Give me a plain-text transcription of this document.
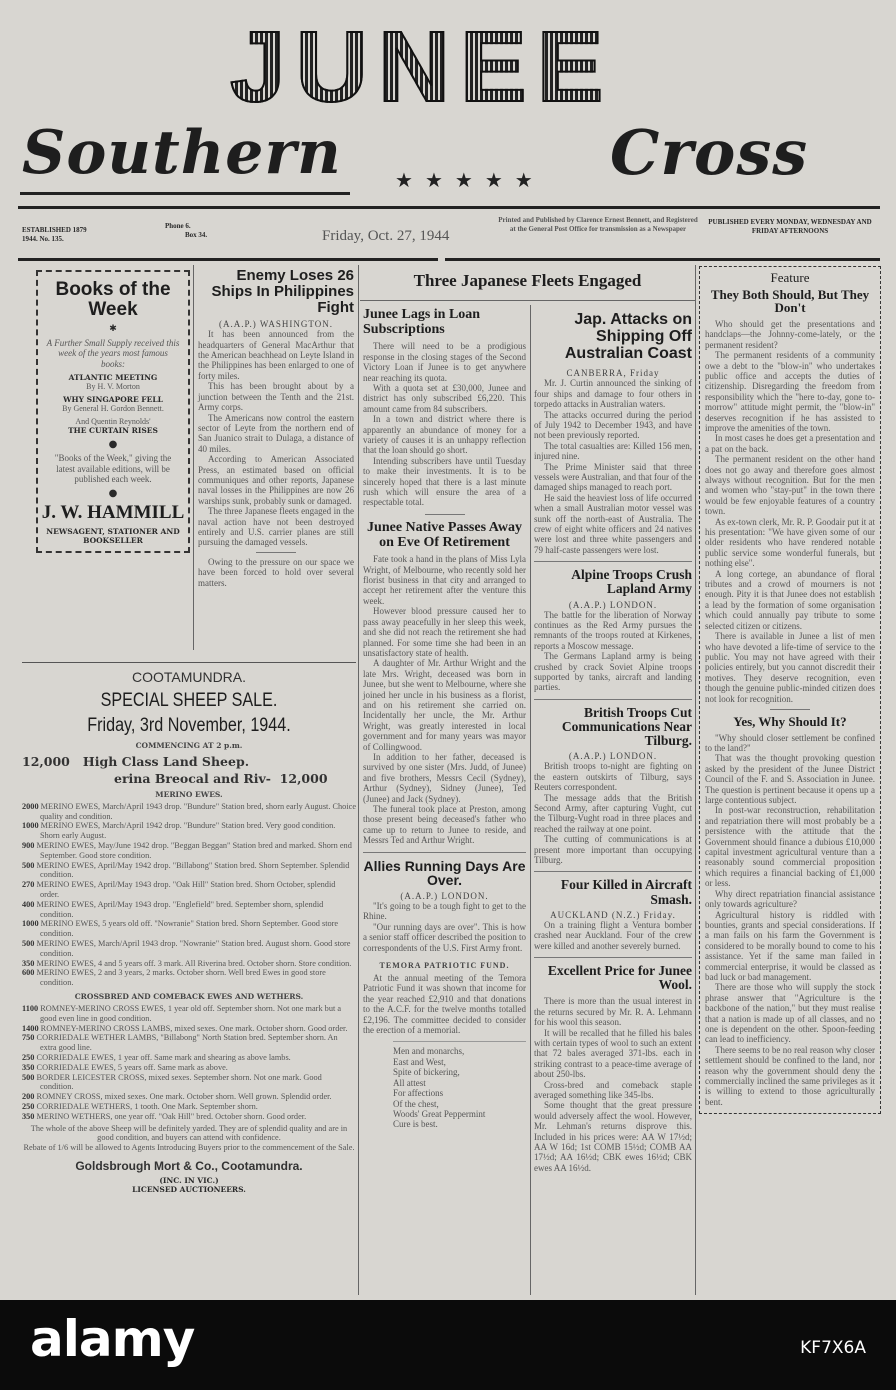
JUNEE
Southern	Cross
★★★★★
ESTABLISHED 1879
1944. No. 135.
Phone 6.
Box 34.	Friday, Oct. 27, 1944
Printed and Published by Clarence Ernest Bennett, and Registered at the General Post Office for transmission as a Newspaper
PUBLISHED EVERY MONDAY, WEDNESDAY AND FRIDAY AFTERNOONS
Books of the Week
✱
A Further Small Supply received this week of the years most famous books:
ATLANTIC MEETING
By H. V. Morton
WHY SINGAPORE FELL
By General H. Gordon Bennett.
And Quentin Reynolds'
THE CURTAIN RISES
●
"Books of the Week," giving the latest available editions, will be published each week.
●
J. W. HAMMILL
NEWSAGENT, STATIONER AND BOOKSELLER
Enemy Loses 26 Ships In Philippines Fight
(A.A.P.) WASHINGTON.

It has been announced from the headquarters of General MacArthur that the American beachhead on Leyte Island in the Philippines has been enlarged to one of forty miles.

This has been brought about by a junction between the Tenth and the 21st. Army corps.

The Americans now control the eastern sector of Leyte from the northern end of San Juanico strait to Dulaga, a distance of 40 miles.

According to American Associated Press, an estimated based on official communiques and other reports, Japanese naval losses in the Philippines are now 26 warships sunk, probably sunk or damaged.

The three Japanese fleets engaged in the naval action have not been destroyed entirely and U.S. carrier planes are still pursuing the damaged vessels.

Owing to the pressure on our space we have been forced to hold over several matters.

Three Japanese Fleets Engaged
Junee Lags in Loan Subscriptions

There will need to be a prodigious response in the closing stages of the Second Victory Loan if Junee is to get anywhere near reaching its quota.

With a quota set at £30,000, Junee and district has only subscribed £6,220. This amount came from 84 subscribers.

In a town and district where there is apparently an abundance of money for a variety of causes it is an unhappy reflection that the loan should go short.

Intending subscribers have until Tuesday to make their investments. It is to be sincerely hoped that there is a last minute rush which will ensure the area of a respectable total.

Junee Native Passes Away on Eve Of Retirement

Fate took a hand in the plans of Miss Lyla Wright, of Melbourne, who recently sold her florist business in that city and arranged to accept her retirement after the venture this week.

However blood pressure caused her to pass away peacefully in her sleep this week, and she did not reach the retirement she had planned. For some time she had been in an unsatisfactory state of health.

A daughter of Mr. Arthur Wright and the late Mrs. Wright, deceased was born in Junee, but she went to Melbourne, where she joined her uncle in his business as a florist, and on his retirement she carried on. Incidentally her uncle, the Mr. Arthur Wright, was greatly interested in local government and for many years was mayor of Collingwood.

In addition to her father, deceased is survived by one sister (Mrs. Judd, of Junee) and five brothers, Messrs Cecil (Sydney), Arthur (Sydney), Sidney (Junee), Ted (Junee) and Jack (Sydney).

The funeral took place at Preston, among those present being deceased's father who came up to return to Junee to reside, and Messrs Ted and Arthur Wright.

Allies Running Days Are Over.
(A.A.P.) LONDON.

"It's going to be a tough fight to get to the Rhine.

"Our running days are over". This is how a senior staff officer described the position to correspondents of the U.S. First Army front.

TEMORA PATRIOTIC FUND.

At the annual meeting of the Temora Patriotic Fund it was shown that income for the year reached £2,910 and that donations to the A.C.F. for the twelve months totalled £2,196. The committee decided to consider the erection of a memorial.

Men and monarchs,
East and West,
Spite of bickering,
All attest
For affections
Of the chest,
Woods' Great Peppermint
Cure is best.
Jap. Attacks on Shipping Off Australian Coast
CANBERRA, Friday

Mr. J. Curtin announced the sinking of four ships and damage to four others in torpedo attacks in Australian waters.

The attacks occurred during the period of July 1942 to December 1943, and have not been previously reported.

The total casualties are: Killed 156 men, injured nine.

The Prime Minister said that three vessels were Australian, and that four of the damaged ships managed to reach port.

He said the heaviest loss of life occurred when a small Australian motor vessel was sunk off the north-east of Australia. The crew of eight white officers and 24 natives were lost and three white passengers and 79 half-caste passengers were lost.

Alpine Troops Crush Lapland Army
(A.A.P.) LONDON.

The battle for the liberation of Norway continues as the Red Army pursues the remnants of the troops routed at Kirkenes, reports a Moscow message.

The Germans Lapland army is being crushed by crack Soviet Alpine troops supported by tanks, aircraft and landing parties.

British Troops Cut Communications Near Tilburg.
(A.A.P.) LONDON.

British troops to-night are fighting on the eastern outskirts of Tilburg, says Reuters correspondent.

The message adds that the British Second Army, after capturing Vught, cut the Tilburg-Vught road in three places and reached the railway at one point.

The cutting of communications is at present more important than occupying Tilburg.

Four Killed in Aircraft Smash.
AUCKLAND (N.Z.) Friday.

On a training flight a Ventura bomber crashed near Auckland. Four of the crew were killed and another severely burned.

Excellent Price for Junee Wool.

There is more than the usual interest in the returns secured by Mr. R. A. Lehmann for his wool this season.

It will be recalled that he filled his bales with certain types of wool to such an extent that 72 bales averaged 371-lbs. each in striking contrast to a peace-time average of about 250-lbs.

Cross-bred and comeback staple averaged something like 345-lbs.

Some thought that the great pressure would adversely affect the wool. However, Mr. Lehman's returns disprove this. Included in his prices were: AA W 17½d; AA W 16d; 1st COMB 15½d; COMB AA 17½d; AA 16½d; CBK ewes 16½d; CBK ewes AA 16½d.

Feature
They Both Should, But They Don't

Who should get the presentations and handclaps—the Johnny-come-lately, or the permanent resident?

The permanent residents of a community owe a debt to the "blow-in" who undertakes public office and accepts the duties of citizenship. Disregarding the freedom from responsibility which the "here to-day, gone to-morrow" attitude might permit, the "blow-in" deserves recognition if he has assisted to improve the amenities of the town.

In most cases he does get a presentation and a pat on the back.

The permanent resident on the other hand does not go away and therefore goes almost always without recognition. But for the men and women who "stay-put" in the town there would be few enjoyable features of a country town.

As ex-town clerk, Mr. R. P. Goodair put it at his presentation: "We have given some of our older residents who have rendered notable public service some wonderful funerals, but nothing else".

A long cortege, an abundance of floral tributes and a crowd of mourners is not enough. Pity it is that Junee does not establish a lead by the formation of some organisation which could annually pay tribute to some selected citizen or citizens.

There is available in Junee a list of men who have devoted a life-time of service to the public. You may not have agreed with their policies entirely, but you cannot discredit their motives. They deserve recognition, even though the genuine public-minded citizen does not look for recognition.

Yes, Why Should It?

"Why should closer settlement be confined to the land?"

That was the thought provoking question asked by the president of the Junee District Council of the F. and S. Association in Junee. The question is pertinent because it opens up a large contentious subject.

In post-war reconstruction, rehabilitation and repatriation there will most probably be a persistence with the attitude that the Government should finance a dubious £10,000 capital investment agricultural venture than a reasonably sound commercial proposition which requires a financial backing of £1,000 or less.

Why direct repatriation financial assistance only towards agriculture?

Agricultural history is riddled with bounties, grants and special considerations. If a man fails on his farm the Government is considered to be morally bound to come to his assistance. Yet if the same man failed in commercial enterprise, it would be classed as bad luck or bad management.

There are those who will supply the stock phrase answer that "Agriculture is the backbone of the nation," but they must realise that a nation is made up of all classes, and no one is dependent on the other. Spoon-feeding can lead to inefficiency.

There seems to be no real reason why closer settlement should be confined to the land, nor reason why the government should deny the commercially inclined the same privileges as it is willing to extend to those agriculturally bent.

COOTAMUNDRA.
SPECIAL SHEEP SALE.
Friday, 3rd November, 1944.
COMMENCING AT 2 p.m.
12,000 High Class Land Sheep.
erina Breocal and Riv- 12,000
MERINO EWES.

2000 MERINO EWES, March/April 1943 drop. "Bundure" Station bred, shorn early August. Choice quality and condition.

1000 MERINO EWES, March/April 1942 drop. "Bundure" Station bred. Very good condition. Shorn early August.

900 MERINO EWES, May/June 1942 drop. "Beggan Beggan" Station bred and marked. Shorn end September. Good store condition.

500 MERINO EWES, April/May 1942 drop. "Billabong" Station bred. Shorn September. Splendid condition.

270 MERINO EWES, April/May 1943 drop. "Oak Hill" Station bred. Shorn October, splendid order.

400 MERINO EWES, April/May 1943 drop. "Englefield" bred. September shorn, splendid condition.

1000 MERINO EWES, 5 years old off. "Nowranie" Station bred. Shorn September. Good store condition.

500 MERINO EWES, March/April 1943 drop. "Nowranie" Station bred. August shorn. Good store condition.

350 MERINO EWES, 4 and 5 years off. 3 mark. All Riverina bred. October shorn. Store condition.

600 MERINO EWES, 2 and 3 years, 2 marks. October shorn. Well bred Ewes in good store condition.

CROSSBRED AND COMEBACK EWES AND WETHERS.

1100 ROMNEY-MERINO CROSS EWES, 1 year old off. September shorn. Not one mark but a good even line in good condition.

1400 ROMNEY-MERINO CROSS LAMBS, mixed sexes. One mark. October shorn. Good order.

750 CORRIEDALE WETHER LAMBS, "Billabong" North Station bred. September shorn. An extra good line.

250 CORRIEDALE EWES, 1 year off. Same mark and shearing as above lambs.

350 CORRIEDALE EWES, 5 years off. Same mark as above.

500 BORDER LEICESTER CROSS, mixed sexes. September shorn. Not one mark. Good condition.

200 ROMNEY CROSS, mixed sexes. One mark. October shorn. Well grown. Splendid order.

250 CORRIEDALE WETHERS, 1 tooth. One Mark. September shorn.

350 MERINO WETHERS, one year off. "Oak Hill" bred. October shorn. Good order.

The whole of the above Sheep will be definitely yarded. They are of splendid quality and are in good condition, and buyers can attend with confidence.
Rebate of 1/6 will be allowed to Agents Introducing Buyers prior to the commencement of the Sale.
Goldsbrough Mort & Co., Cootamundra.
(INC. IN VIC.)
LICENSED AUCTIONEERS.
alamy	KF7X6A
